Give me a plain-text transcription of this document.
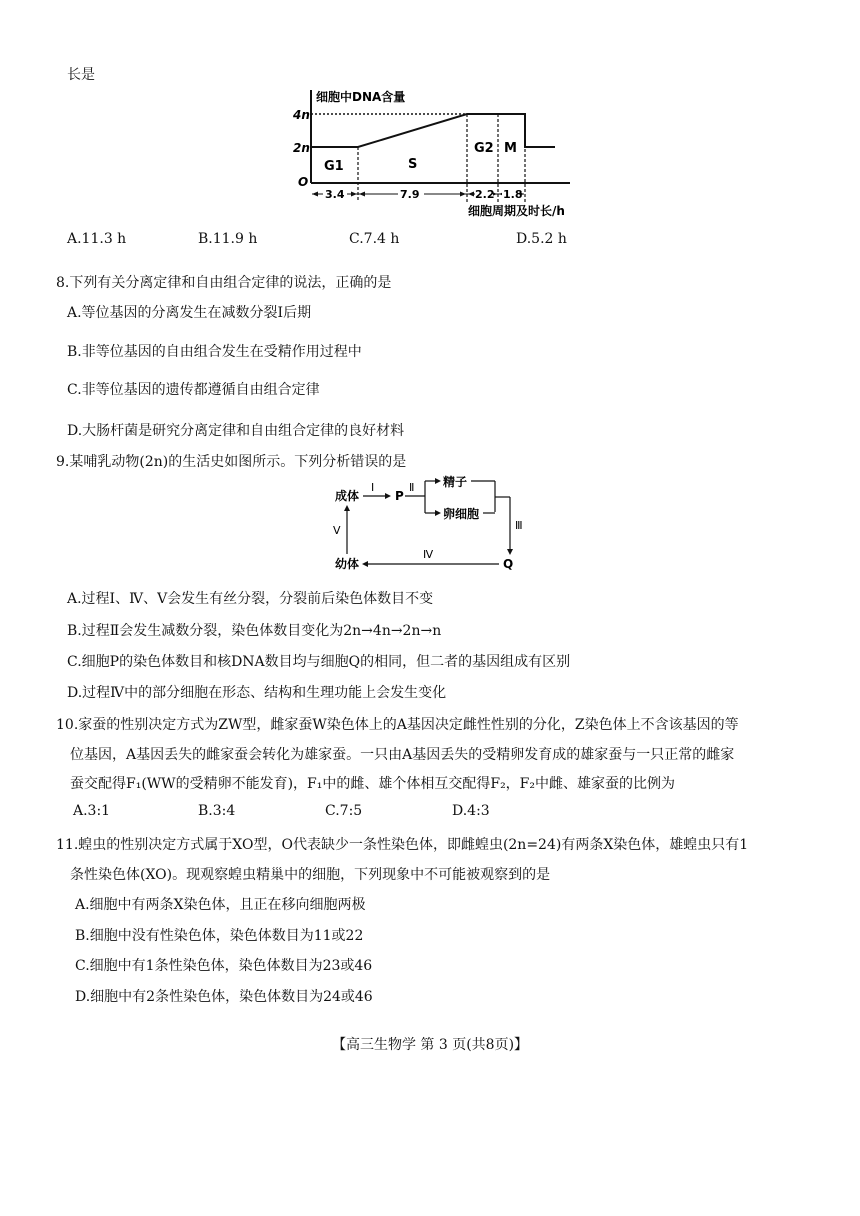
长是
细胞中DNA含量
4n
2n
O
G1	S
G2 M
3.4	7.9	2.2 1.8
细胞周期及时长/h
A.11.3 h	B.11.9 h	C.7.4 h	D.5.2 h
8.下列有关分离定律和自由组合定律的说法，正确的是
A.等位基因的分离发生在减数分裂Ⅰ后期
B.非等位基因的自由组合发生在受精作用过程中
C.非等位基因的遗传都遵循自由组合定律
D.大肠杆菌是研究分离定律和自由组合定律的良好材料
9.某哺乳动物(2n)的生活史如图所示。下列分析错误的是
成体	P
精子
卵细胞
Q
幼体
Ⅰ	Ⅱ
Ⅲ
Ⅳ
Ⅴ
A.过程Ⅰ、Ⅳ、Ⅴ会发生有丝分裂，分裂前后染色体数目不变
B.过程Ⅱ会发生减数分裂，染色体数目变化为2n→4n→2n→n
C.细胞P的染色体数目和核DNA数目均与细胞Q的相同，但二者的基因组成有区别
D.过程Ⅳ中的部分细胞在形态、结构和生理功能上会发生变化
10.家蚕的性别决定方式为ZW型，雌家蚕W染色体上的A基因决定雌性性别的分化，Z染色体上不含该基因的等
位基因，A基因丢失的雌家蚕会转化为雄家蚕。一只由A基因丢失的受精卵发育成的雄家蚕与一只正常的雌家
蚕交配得F₁(WW的受精卵不能发育)，F₁中的雌、雄个体相互交配得F₂，F₂中雌、雄家蚕的比例为
A.3:1	B.3:4	C.7:5	D.4:3
11.蝗虫的性别决定方式属于XO型，O代表缺少一条性染色体，即雌蝗虫(2n=24)有两条X染色体，雄蝗虫只有1
条性染色体(XO)。现观察蝗虫精巢中的细胞，下列现象中不可能被观察到的是
A.细胞中有两条X染色体，且正在移向细胞两极
B.细胞中没有性染色体，染色体数目为11或22
C.细胞中有1条性染色体，染色体数目为23或46
D.细胞中有2条性染色体，染色体数目为24或46
【高三生物学 第 3 页(共8页)】
